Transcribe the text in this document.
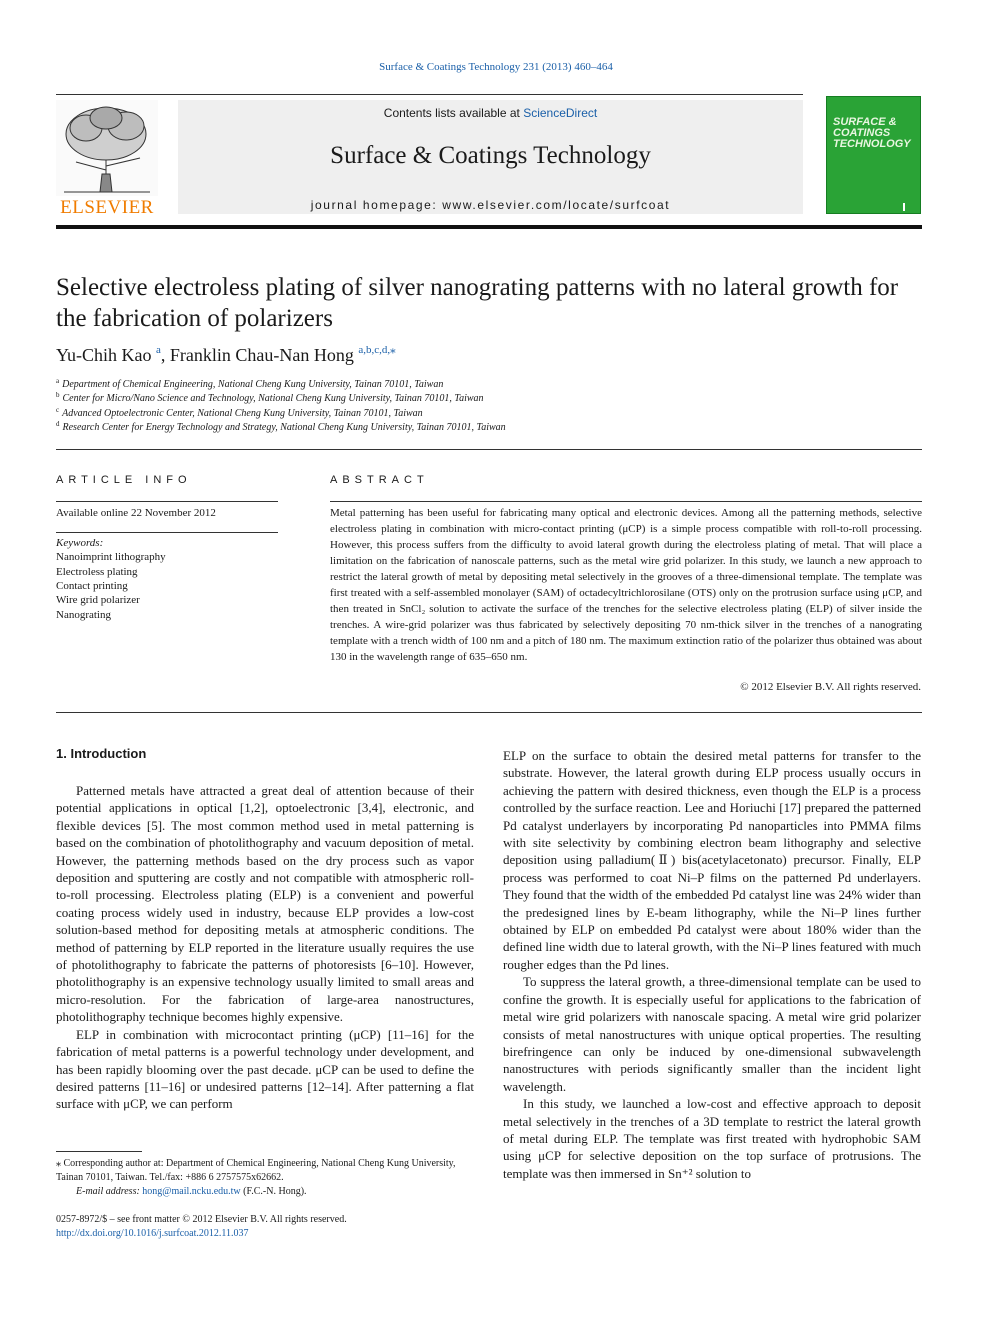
Surface & Coatings Technology 231 (2013) 460–464
ELSEVIER
Contents lists available at ScienceDirect
Surface & Coatings Technology
journal homepage: www.elsevier.com/locate/surfcoat
SURFACE & COATINGS TECHNOLOGY
Selective electroless plating of silver nanograting patterns with no lateral growth for the fabrication of polarizers
Yu-Chih Kao $^a$, Franklin Chau-Nan Hong $^{a,b,c,d,⁎}$
$^a$ Department of Chemical Engineering, National Cheng Kung University, Tainan 70101, Taiwan
$^b$ Center for Micro/Nano Science and Technology, National Cheng Kung University, Tainan 70101, Taiwan
$^c$ Advanced Optoelectronic Center, National Cheng Kung University, Tainan 70101, Taiwan
$^d$ Research Center for Energy Technology and Strategy, National Cheng Kung University, Tainan 70101, Taiwan
ARTICLE INFO
Available online 22 November 2012
Keywords:
Nanoimprint lithography
Electroless plating
Contact printing
Wire grid polarizer
Nanograting
ABSTRACT
Metal patterning has been useful for fabricating many optical and electronic devices. Among all the patterning methods, selective electroless plating in combination with micro-contact printing (μCP) is a simple process compatible with roll-to-roll processing. However, this process suffers from the difficulty to avoid lateral growth during the electroless plating of metal. That will place a limitation on the fabrication of nanoscale patterns, such as the metal wire grid polarizer. In this study, we launch a new approach to restrict the lateral growth of metal by depositing metal selectively in the grooves of a three-dimensional template. The template was first treated with a self-assembled monolayer (SAM) of octadecyltrichlorosilane (OTS) only on the protrusion surface using μCP, and then treated in SnCl₂ solution to activate the surface of the trenches for the selective electroless plating (ELP) of silver inside the trenches. A wire-grid polarizer was thus fabricated by selectively depositing 70 nm-thick silver in the trenches of a nanograting template with a trench width of 100 nm and a pitch of 180 nm. The maximum extinction ratio of the polarizer thus obtained was about 130 in the wavelength range of 635–650 nm.
© 2012 Elsevier B.V. All rights reserved.
1. Introduction

Patterned metals have attracted a great deal of attention because of their potential applications in optical [1,2], optoelectronic [3,4], electronic, and flexible devices [5]. The most common method used in metal patterning is based on the combination of photolithography and vacuum deposition of metal. However, the patterning methods based on the dry process such as vapor deposition and sputtering are costly and not compatible with atmospheric roll-to-roll processing. Electroless plating (ELP) is a convenient and powerful coating process widely used in industry, because ELP provides a low-cost solution-based method for depositing metals at atmospheric conditions. The method of patterning by ELP reported in the literature usually requires the use of photolithography to fabricate the patterns of photoresists [6–10]. However, photolithography is an expensive technology usually limited to small areas and micro-resolution. For the fabrication of large-area nanostructures, photolithography technique becomes highly expensive.

ELP in combination with microcontact printing (μCP) [11–16] for the fabrication of metal patterns is a powerful technology under development, and has been rapidly blooming over the past decade. μCP can be used to define the desired patterns [11–16] or undesired patterns [12–14]. After patterning a flat surface with μCP, we can perform

ELP on the surface to obtain the desired metal patterns for transfer to the substrate. However, the lateral growth during ELP process usually occurs in achieving the pattern with desired thickness, even though the ELP is a process controlled by the surface reaction. Lee and Horiuchi [17] prepared the patterned Pd catalyst underlayers by incorporating Pd nanoparticles into PMMA films with site selectivity by combining electron beam lithography and selective deposition using palladium(Ⅱ) bis(acetylacetonato) precursor. Finally, ELP process was performed to coat Ni–P films on the patterned Pd underlayers. They found that the width of the embedded Pd catalyst line was 24% wider than the predesigned lines by E-beam lithography, while the Ni–P lines further obtained by ELP on embedded Pd catalyst were about 180% wider than the defined line width due to lateral growth, with the Ni–P lines featured with much rougher edges than the Pd lines.

To suppress the lateral growth, a three-dimensional template can be used to confine the growth. It is especially useful for applications to the fabrication of metal wire grid polarizers with nanoscale spacing. A metal wire grid polarizer consists of metal nanostructures with unique optical properties. The resulting birefringence can only be induced by one-dimensional subwavelength nanostructures with periods significantly smaller than the incident light wavelength.

In this study, we launched a low-cost and effective approach to deposit metal selectively in the trenches of a 3D template to restrict the lateral growth of metal during ELP. The template was first treated with hydrophobic SAM using μCP for selective deposition on the top surface of protrusions. The template was then immersed in Sn⁺² solution to

⁎ Corresponding author at: Department of Chemical Engineering, National Cheng Kung University, Tainan 70101, Taiwan. Tel./fax: +886 6 2757575x62662.
E-mail address: hong@mail.ncku.edu.tw (F.C.-N. Hong).
0257-8972/$ – see front matter © 2012 Elsevier B.V. All rights reserved.
http://dx.doi.org/10.1016/j.surfcoat.2012.11.037
